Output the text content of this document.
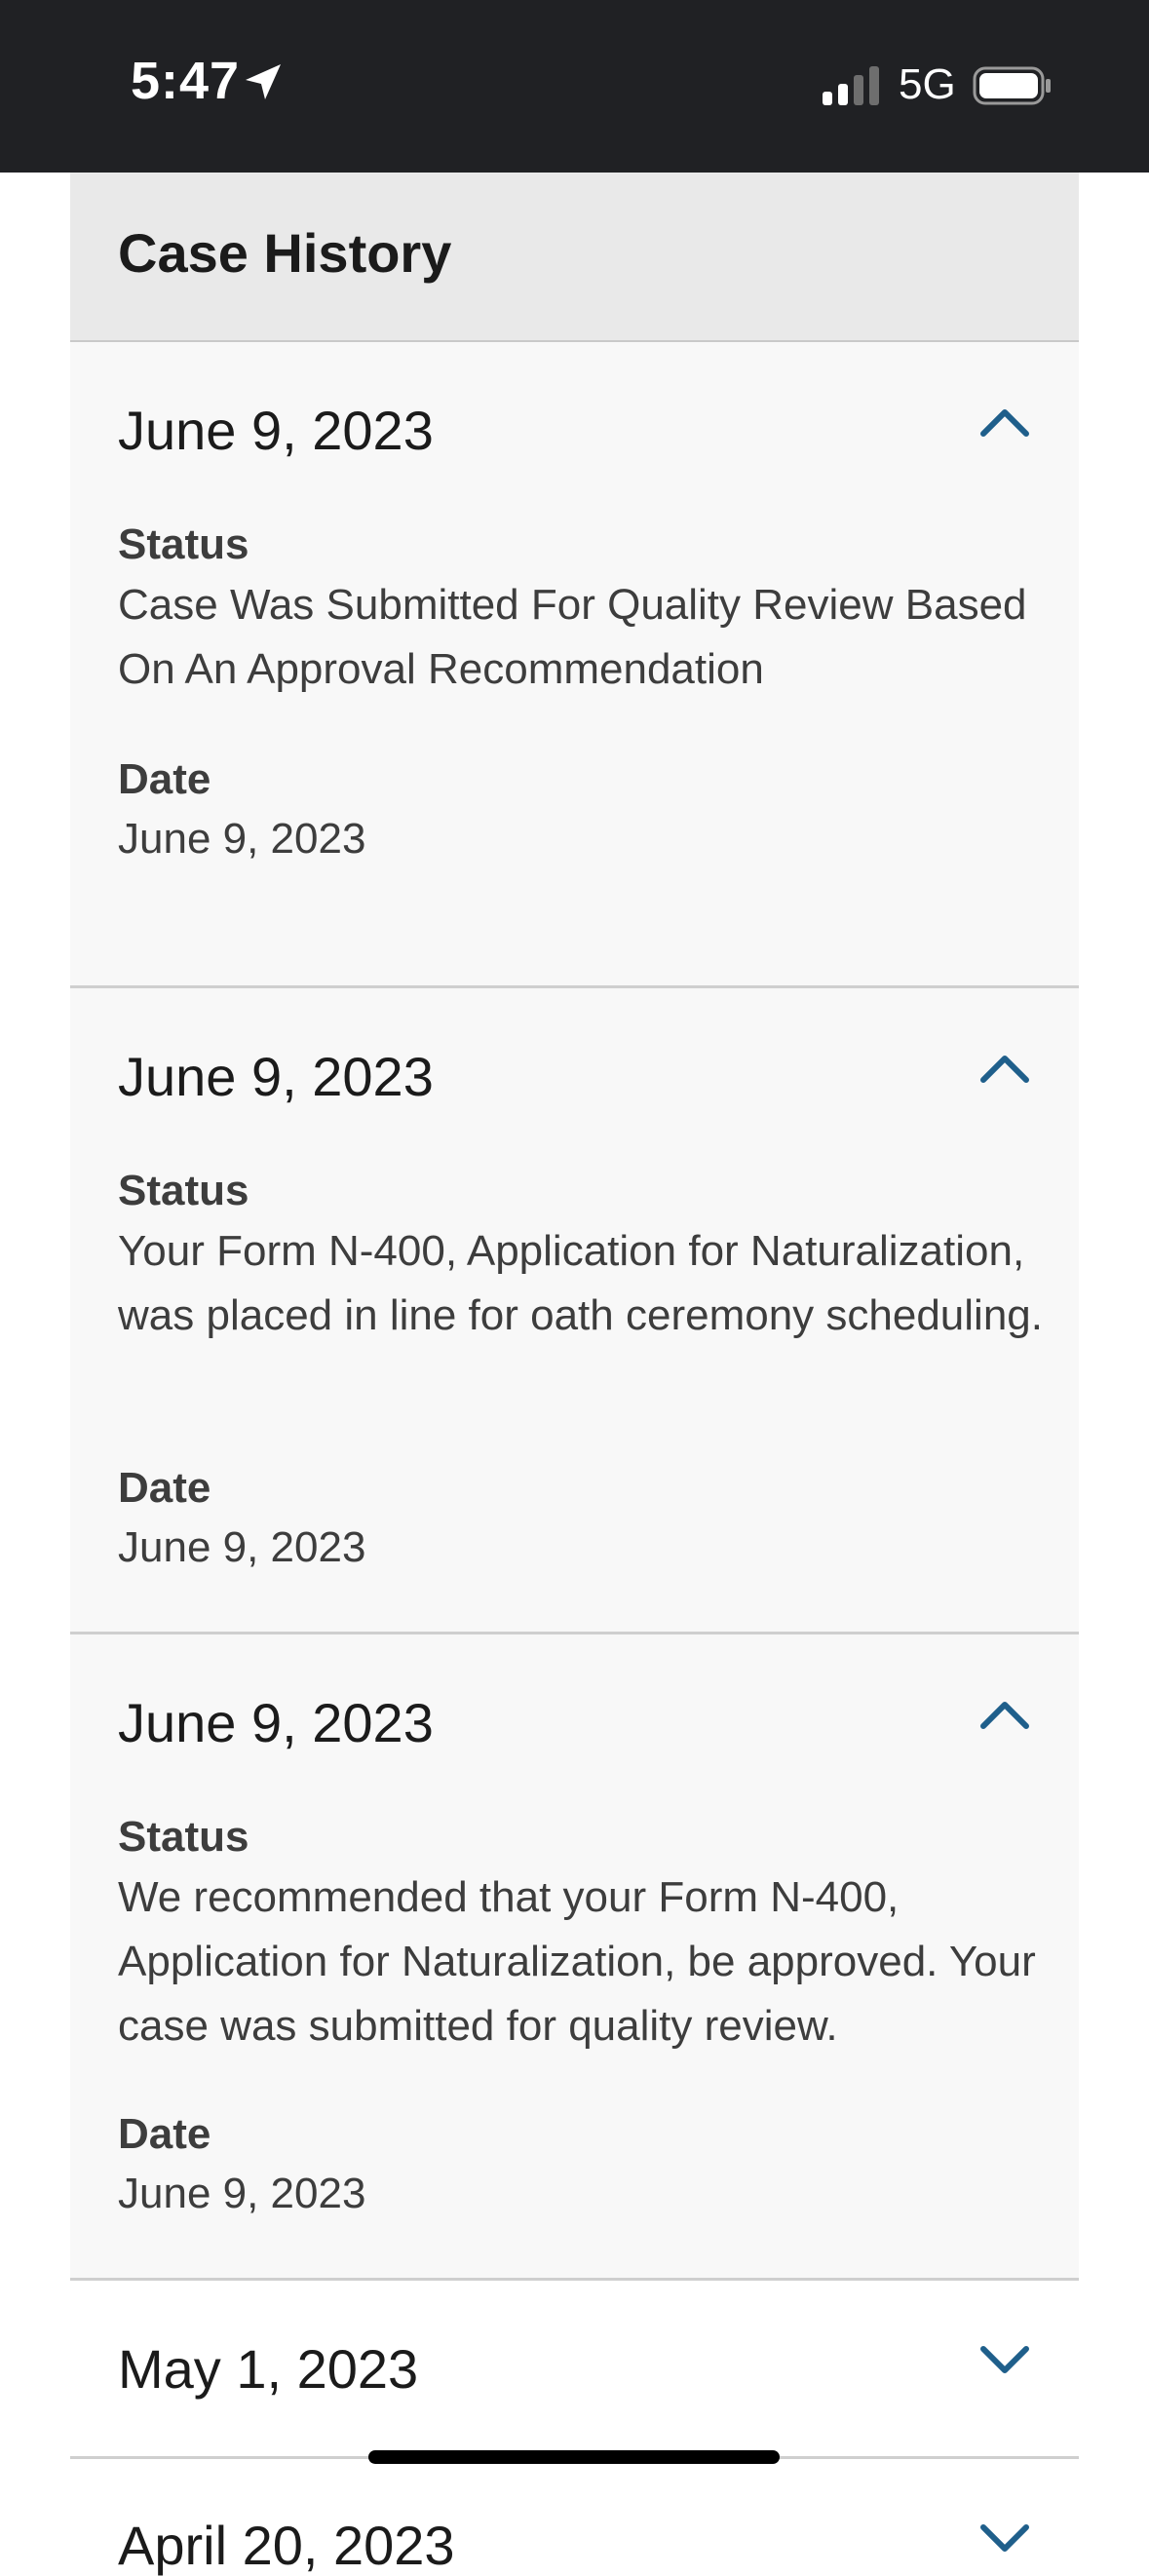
5:47	5G
Case History
June 9, 2023
Status
Case Was Submitted For Quality Review Based On An Approval Recommendation
Date
June 9, 2023
June 9, 2023
Status
Your Form N-400, Application for Naturalization, was placed in line for oath ceremony scheduling.
Date
June 9, 2023
June 9, 2023
Status
We recommended that your Form N-400, Application for Naturalization, be approved. Your case was submitted for quality review.
Date
June 9, 2023
May 1, 2023
April 20, 2023
